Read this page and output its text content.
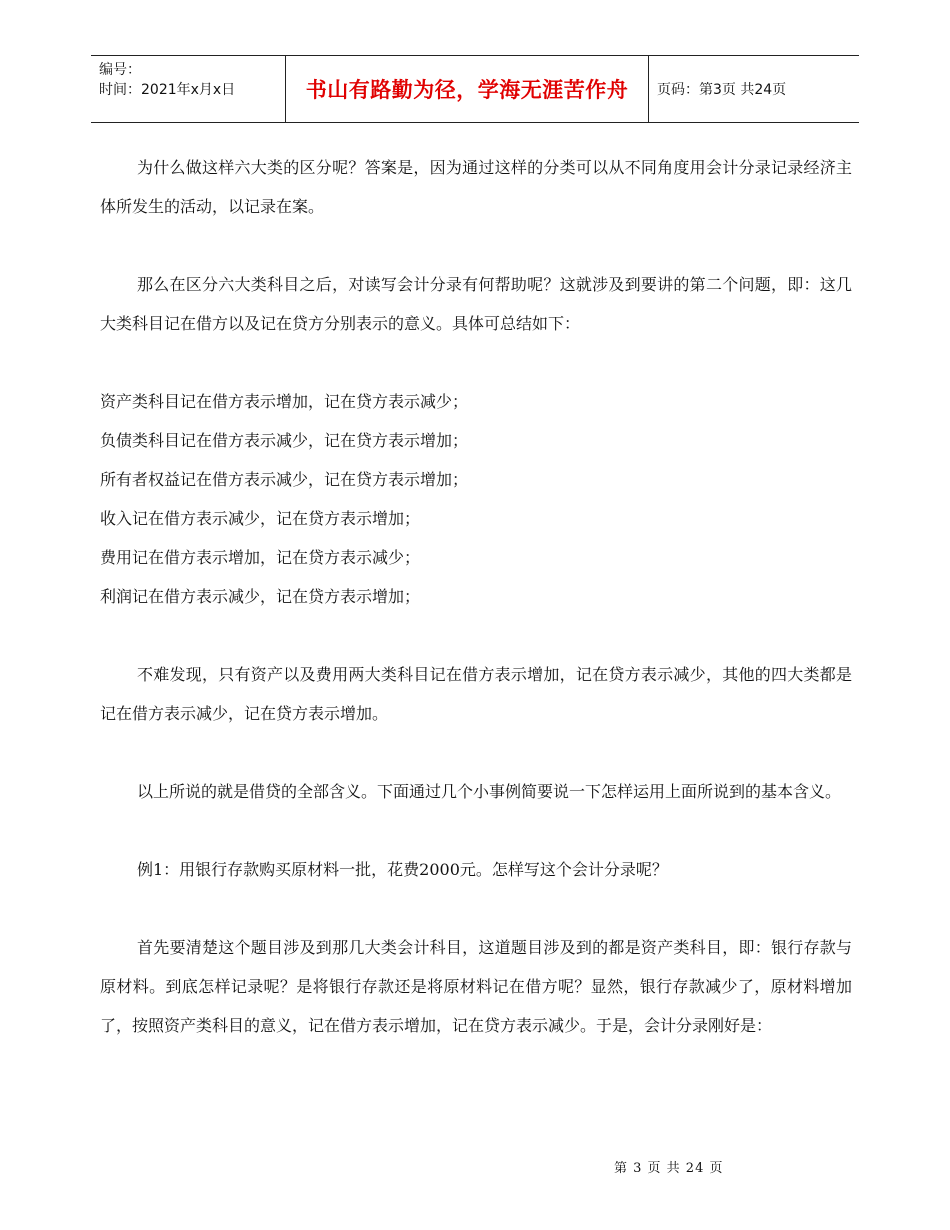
编号：
时间：2021年x月x日	书山有路勤为径，学海无涯苦作舟 页码：第3页 共24页

为什么做这样六大类的区分呢？答案是，因为通过这样的分类可以从不同角度用会计分录记录经济主体所发生的活动，以记录在案。

那么在区分六大类科目之后，对读写会计分录有何帮助呢？这就涉及到要讲的第二个问题，即：这几大类科目记在借方以及记在贷方分别表示的意义。具体可总结如下：

资产类科目记在借方表示增加，记在贷方表示减少；

负债类科目记在借方表示减少，记在贷方表示增加；

所有者权益记在借方表示减少，记在贷方表示增加；

收入记在借方表示减少，记在贷方表示增加；

费用记在借方表示增加，记在贷方表示减少；

利润记在借方表示减少，记在贷方表示增加；

不难发现，只有资产以及费用两大类科目记在借方表示增加，记在贷方表示减少，其他的四大类都是记在借方表示减少，记在贷方表示增加。

以上所说的就是借贷的全部含义。下面通过几个小事例简要说一下怎样运用上面所说到的基本含义。

例1：用银行存款购买原材料一批，花费2000元。怎样写这个会计分录呢？

首先要清楚这个题目涉及到那几大类会计科目，这道题目涉及到的都是资产类科目，即：银行存款与原材料。到底怎样记录呢？是将银行存款还是将原材料记在借方呢？显然，银行存款减少了，原材料增加了，按照资产类科目的意义，记在借方表示增加，记在贷方表示减少。于是，会计分录刚好是：

第 3 页 共 24 页
